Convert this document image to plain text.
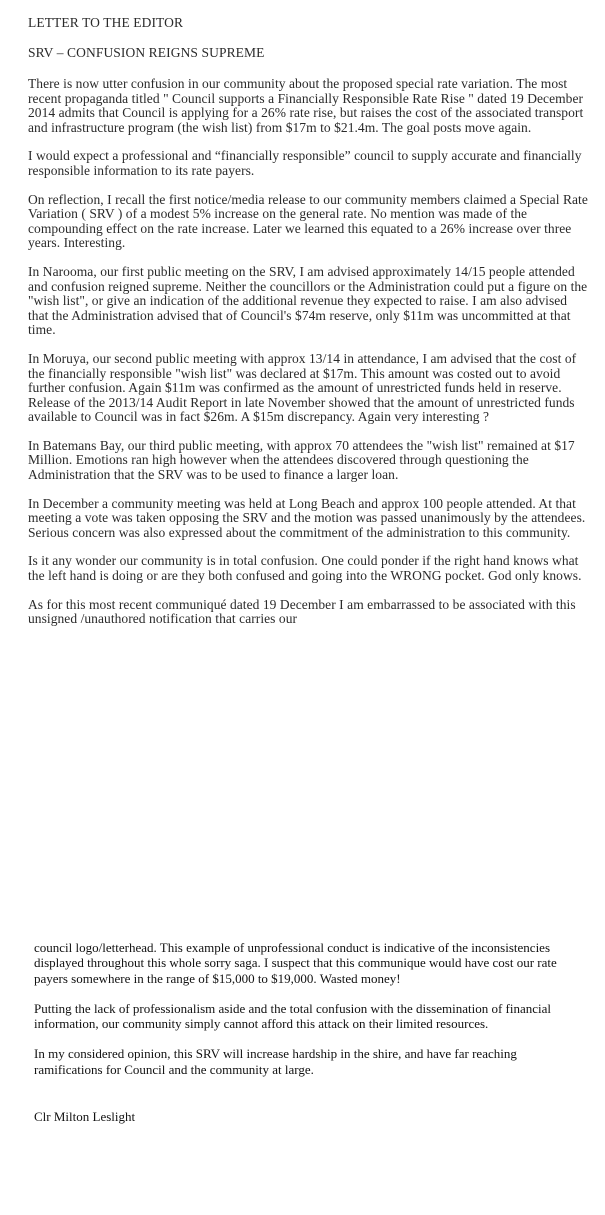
LETTER TO THE EDITOR
SRV – CONFUSION REIGNS SUPREME

There is now utter confusion in our community about the proposed special rate variation. The most recent propaganda titled " Council supports a Financially Responsible Rate Rise " dated 19 December 2014 admits that Council is applying for a 26% rate rise, but raises the cost of the associated transport and infrastructure program (the wish list) from $17m to $21.4m. The goal posts move again.

I would expect a professional and “financially responsible” council to supply accurate and financially responsible information to its rate payers.

On reflection, I recall the first notice/media release to our community members claimed a Special Rate Variation ( SRV ) of a modest 5% increase on the general rate. No mention was made of the compounding effect on the rate increase. Later we learned this equated to a 26% increase over three years. Interesting.

In Narooma, our first public meeting on the SRV, I am advised approximately 14/15 people attended and confusion reigned supreme. Neither the councillors or the Administration could put a figure on the "wish list", or give an indication of the additional revenue they expected to raise. I am also advised that the Administration advised that of Council's $74m reserve, only $11m was uncommitted at that time.

In Moruya, our second public meeting with approx 13/14 in attendance, I am advised that the cost of the financially responsible "wish list" was declared at $17m. This amount was costed out to avoid further confusion. Again $11m was confirmed as the amount of unrestricted funds held in reserve. Release of the 2013/14 Audit Report in late November showed that the amount of unrestricted funds available to Council was in fact $26m. A $15m discrepancy. Again very interesting ?

In Batemans Bay, our third public meeting, with approx 70 attendees the "wish list" remained at $17 Million. Emotions ran high however when the attendees discovered through questioning the Administration that the SRV was to be used to finance a larger loan.

In December a community meeting was held at Long Beach and approx 100 people attended. At that meeting a vote was taken opposing the SRV and the motion was passed unanimously by the attendees. Serious concern was also expressed about the commitment of the administration to this community.

Is it any wonder our community is in total confusion. One could ponder if the right hand knows what the left hand is doing or are they both confused and going into the WRONG pocket. God only knows.

As for this most recent communiqué dated 19 December I am embarrassed to be associated with this unsigned /unauthored notification that carries our

council logo/letterhead. This example of unprofessional conduct is indicative of the inconsistencies displayed throughout this whole sorry saga. I suspect that this communique would have cost our rate payers somewhere in the range of $15,000 to $19,000. Wasted money!

Putting the lack of professionalism aside and the total confusion with the dissemination of financial information, our community simply cannot afford this attack on their limited resources.

In my considered opinion, this SRV will increase hardship in the shire, and have far reaching ramifications for Council and the community at large.

Clr Milton Leslight
